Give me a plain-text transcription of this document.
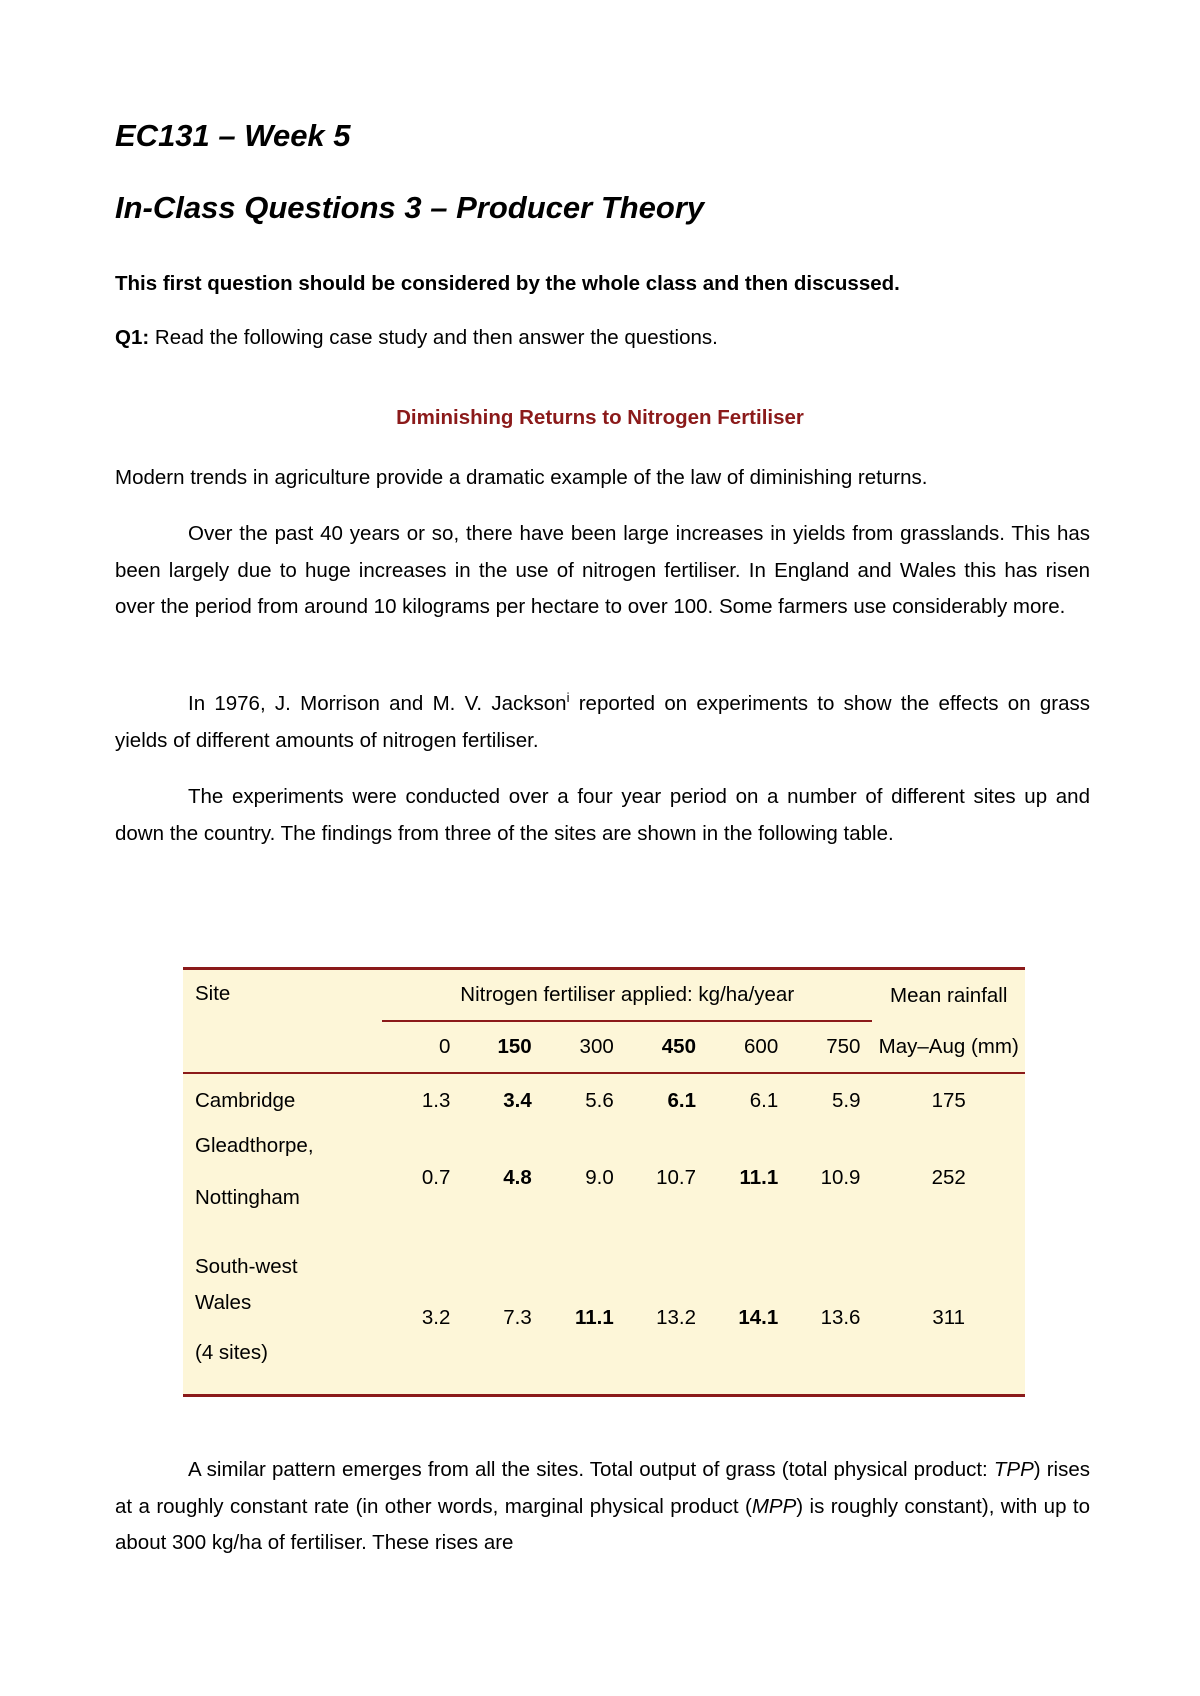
EC131 – Week 5
In-Class Questions 3 – Producer Theory

This first question should be considered by the whole class and then discussed.

Q1: Read the following case study and then answer the questions.

Diminishing Returns to Nitrogen Fertiliser

Modern trends in agriculture provide a dramatic example of the law of diminishing returns.

Over the past 40 years or so, there have been large increases in yields from grasslands. This has been largely due to huge increases in the use of nitrogen fertiliser. In England and Wales this has risen over the period from around 10 kilograms per hectare to over 100. Some farmers use considerably more.

In 1976, J. Morrison and M. V. Jackson$^i$ reported on experiments to show the effects on grass yields of different amounts of nitrogen fertiliser.

The experiments were conducted over a four year period on a number of different sites up and down the country. The findings from three of the sites are shown in the following table.

Site	Nitrogen fertiliser applied: kg/ha/year						Mean rainfall
	0	150	300	450	600	750	May–Aug (mm)
Cambridge	1.3	3.4	5.6	6.1	6.1	5.9	175

Gleadthorpe,
Nottingham	0.7	4.8	9.0	10.7	11.1	10.9	252

South-west
Wales
(4 sites)	3.2	7.3	11.1	13.2	14.1	13.6	311

A similar pattern emerges from all the sites. Total output of grass (total physical product: TPP) rises at a roughly constant rate (in other words, marginal physical product (MPP) is roughly constant), with up to about 300 kg/ha of fertiliser. These rises are
